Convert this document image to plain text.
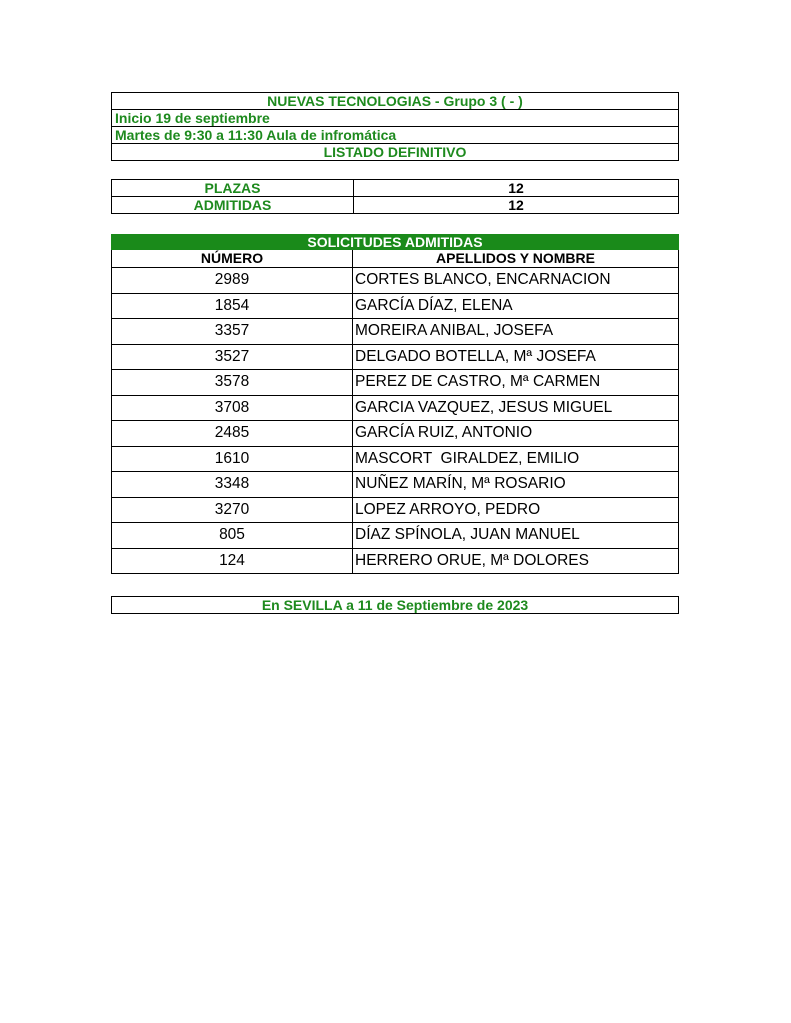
NUEVAS TECNOLOGIAS - Grupo 3 ( - )
Inicio 19 de septiembre
Martes de 9:30 a 11:30 Aula de infromática
LISTADO DEFINITIVO
PLAZAS	12
ADMITIDAS	12
SOLICITUDES ADMITIDAS
NÚMERO	APELLIDOS Y NOMBRE
2989	CORTES BLANCO, ENCARNACION
1854	GARCÍA DÍAZ, ELENA
3357	MOREIRA ANIBAL, JOSEFA
3527	DELGADO BOTELLA, Mª JOSEFA
3578	PEREZ DE CASTRO, Mª CARMEN
3708	GARCIA VAZQUEZ, JESUS MIGUEL
2485	GARCÍA RUIZ, ANTONIO
1610	MASCORT  GIRALDEZ, EMILIO
3348	NUÑEZ MARÍN, Mª ROSARIO
3270	LOPEZ ARROYO, PEDRO
805	DÍAZ SPÍNOLA, JUAN MANUEL
124	HERRERO ORUE, Mª DOLORES
En SEVILLA a 11 de Septiembre de 2023
